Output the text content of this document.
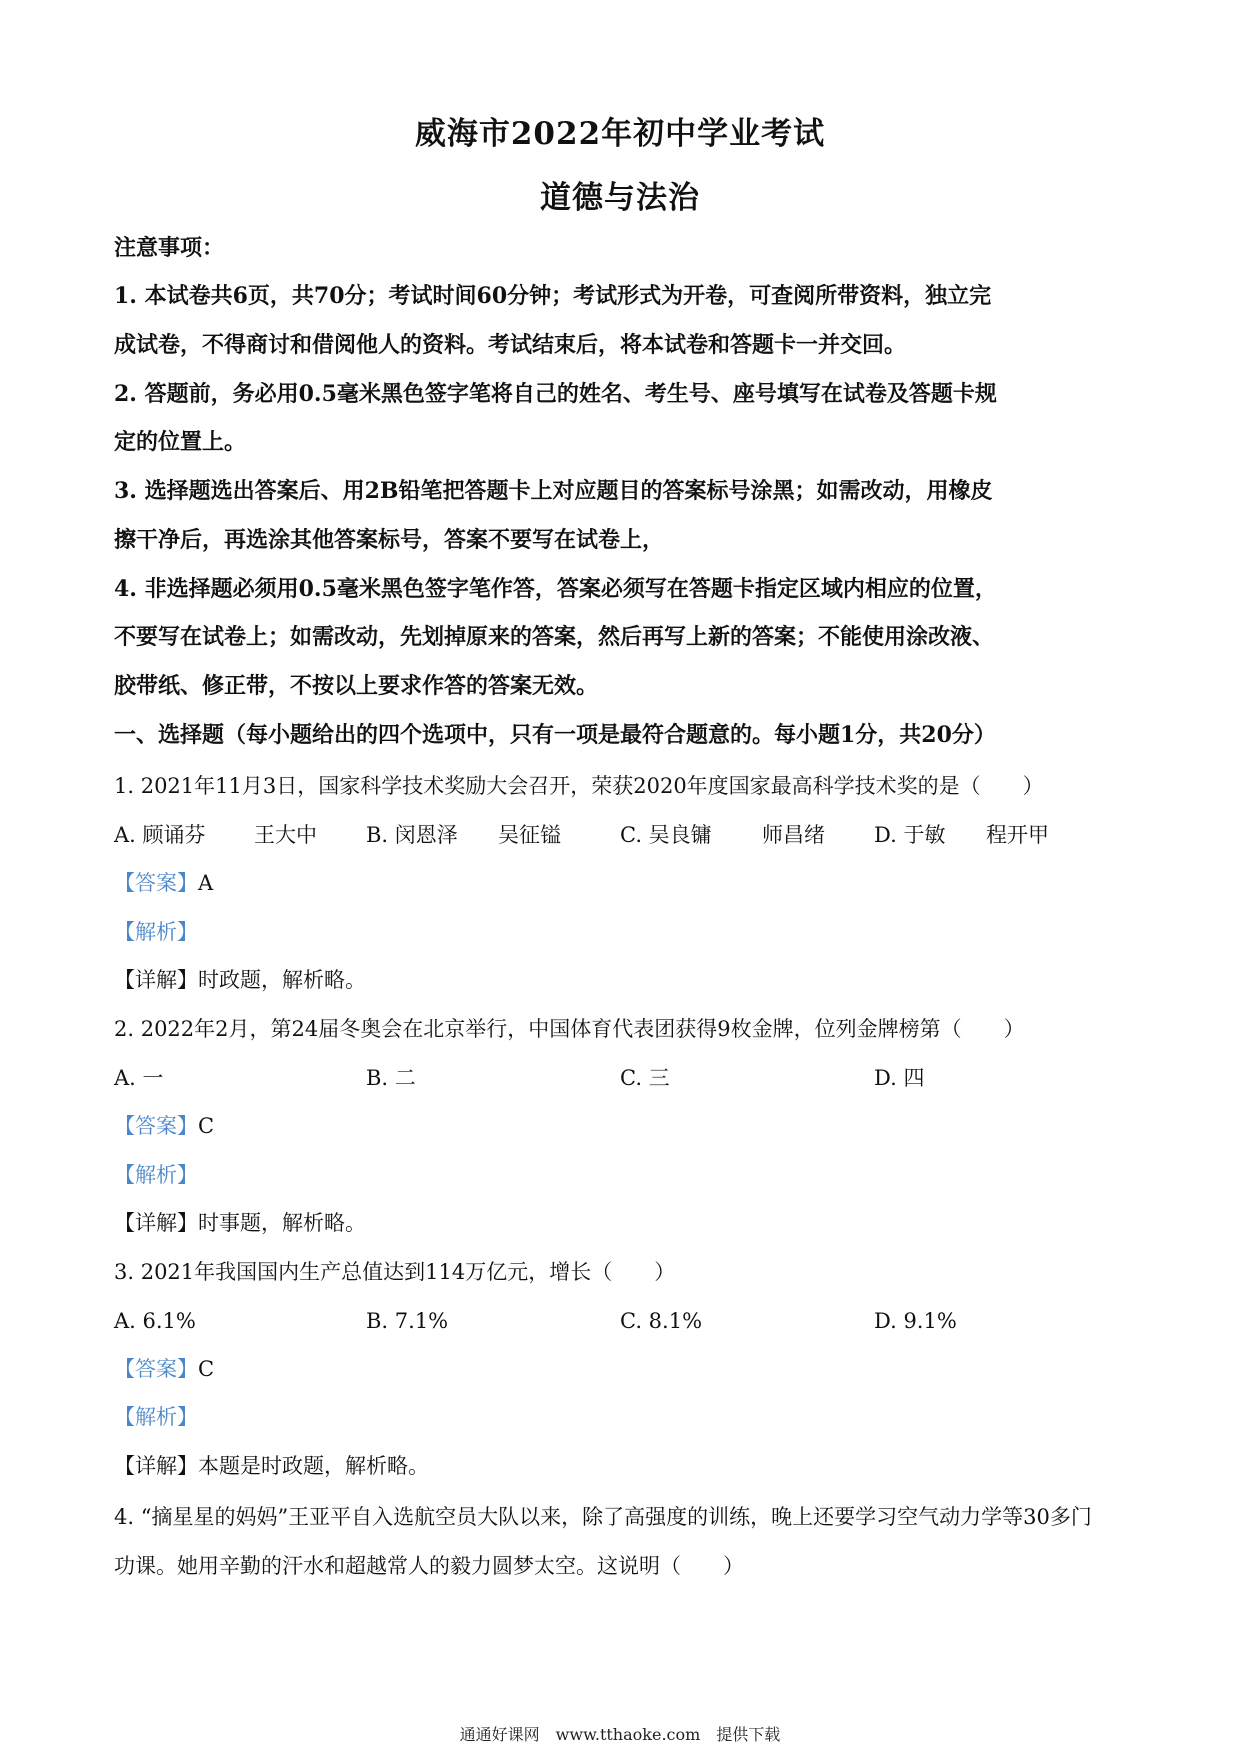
威海市2022年初中学业考试
道德与法治
注意事项：
1. 本试卷共6页，共70分；考试时间60分钟；考试形式为开卷，可查阅所带资料，独立完
成试卷，不得商讨和借阅他人的资料。考试结束后，将本试卷和答题卡一并交回。
2. 答题前，务必用0.5毫米黑色签字笔将自己的姓名、考生号、座号填写在试卷及答题卡规
定的位置上。
3. 选择题选出答案后、用2B铅笔把答题卡上对应题目的答案标号涂黑；如需改动，用橡皮
擦干净后，再选涂其他答案标号，答案不要写在试卷上，
4. 非选择题必须用0.5毫米黑色签字笔作答，答案必须写在答题卡指定区域内相应的位置，
不要写在试卷上；如需改动，先划掉原来的答案，然后再写上新的答案；不能使用涂改液、
胶带纸、修正带，不按以上要求作答的答案无效。
一、选择题（每小题给出的四个选项中，只有一项是最符合题意的。每小题1分，共20分）
1. 2021年11月3日，国家科学技术奖励大会召开，荣获2020年度国家最高科学技术奖的是（　　）
A. 顾诵芬 王大中 B. 闵恩泽 吴征镒	C. 吴良镛 师昌绪 D. 于敏 程开甲
【答案】A
【解析】
【详解】时政题，解析略。
2. 2022年2月，第24届冬奥会在北京举行，中国体育代表团获得9枚金牌，位列金牌榜第（　　）
A. 一	B. 二	C. 三	D. 四
【答案】C
【解析】
【详解】时事题，解析略。
3. 2021年我国国内生产总值达到114万亿元，增长（　　）
A. 6.1%	B. 7.1%	C. 8.1%	D. 9.1%
【答案】C
【解析】
【详解】本题是时政题，解析略。
4. “摘星星的妈妈”王亚平自入选航空员大队以来，除了高强度的训练，晚上还要学习空气动力学等30多门
功课。她用辛勤的汗水和超越常人的毅力圆梦太空。这说明（　　）
通通好课网　www.tthaoke.com　提供下载
